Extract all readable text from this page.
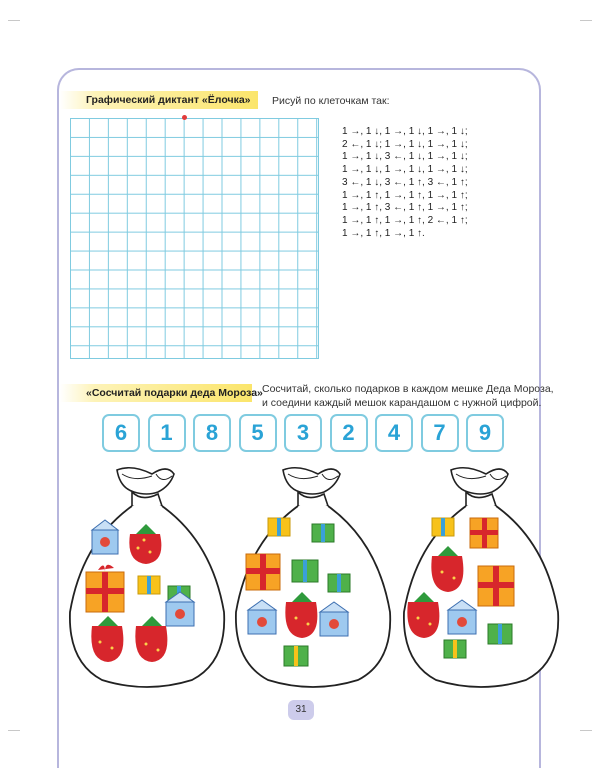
Графический диктант «Ёлочка»	Рисуй по клеточкам так:
1 →, 1 ↓, 1 →, 1 ↓, 1 →, 1 ↓;
2 ←, 1 ↓; 1 →, 1 ↓, 1 →, 1 ↓;
1 →, 1 ↓, 3 ←, 1 ↓, 1 →, 1 ↓;
1 →, 1 ↓, 1 →, 1 ↓, 1 →, 1 ↓;
3 ←, 1 ↓, 3 ←, 1 ↑, 3 ←, 1 ↑;
1 →, 1 ↑, 1 →, 1 ↑, 1 →, 1 ↑;
1 →, 1 ↑, 3 ←, 1 ↑, 1 →, 1 ↑;
1 →, 1 ↑, 1 →, 1 ↑, 2 ←, 1 ↑;
1 →, 1 ↑, 1 →, 1 ↑.
«Сосчитай подарки деда Мороза» Сосчитай, сколько подарков в каждом мешке Деда Мороза,
и соедини каждый мешок карандашом с нужной цифрой.
6	1	8	5	3	2	4	7	9
31
